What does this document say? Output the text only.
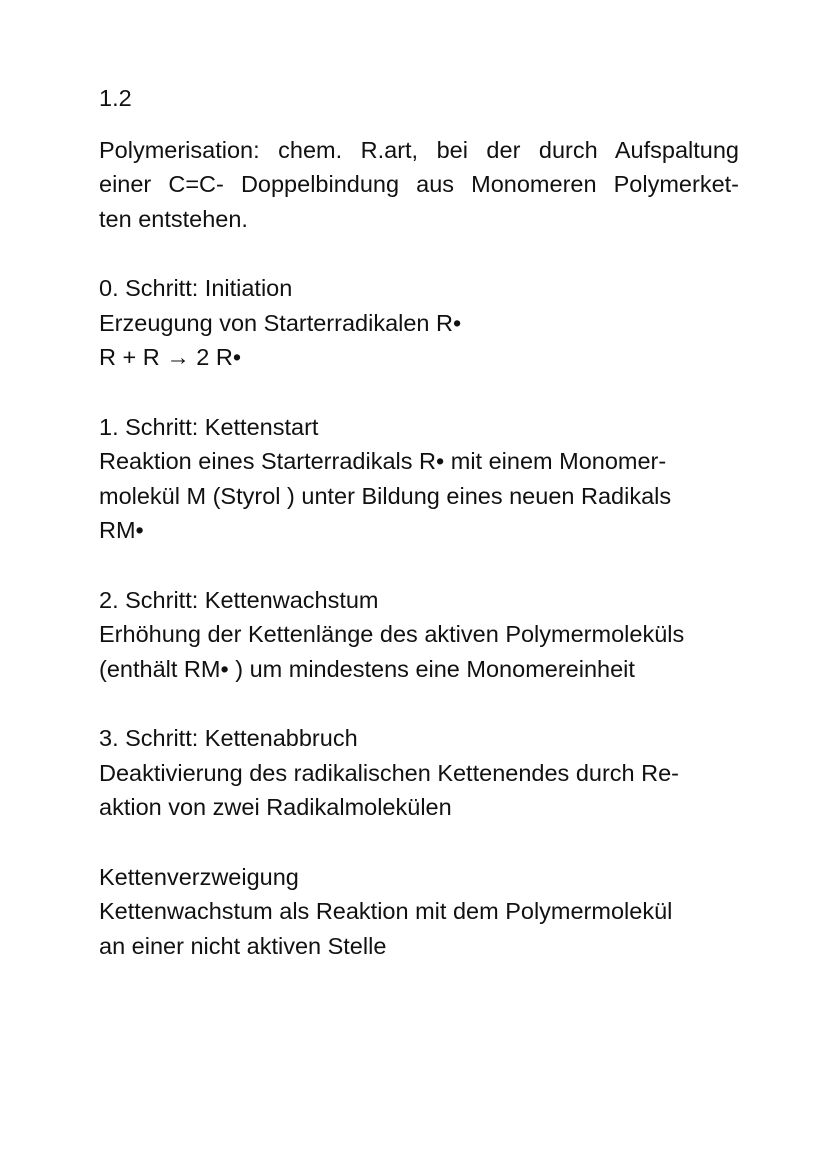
1.2

Polymerisation: chem. R.art, bei der durch Aufspaltung
einer C=C- Doppelbindung aus Monomeren Polymerket-
ten entstehen.

0. Schritt: Initiation
Erzeugung von Starterradikalen R•
R + R → 2 R•
1. Schritt: Kettenstart
Reaktion eines Starterradikals R• mit einem Monomer-
molekül M (Styrol ) unter Bildung eines neuen Radikals
RM•
2. Schritt: Kettenwachstum
Erhöhung der Kettenlänge des aktiven Polymermoleküls
(enthält RM• ) um mindestens eine Monomereinheit
3. Schritt: Kettenabbruch
Deaktivierung des radikalischen Kettenendes durch Re-
aktion von zwei Radikalmolekülen
Kettenverzweigung
Kettenwachstum als Reaktion mit dem Polymermolekül
an einer nicht aktiven Stelle
